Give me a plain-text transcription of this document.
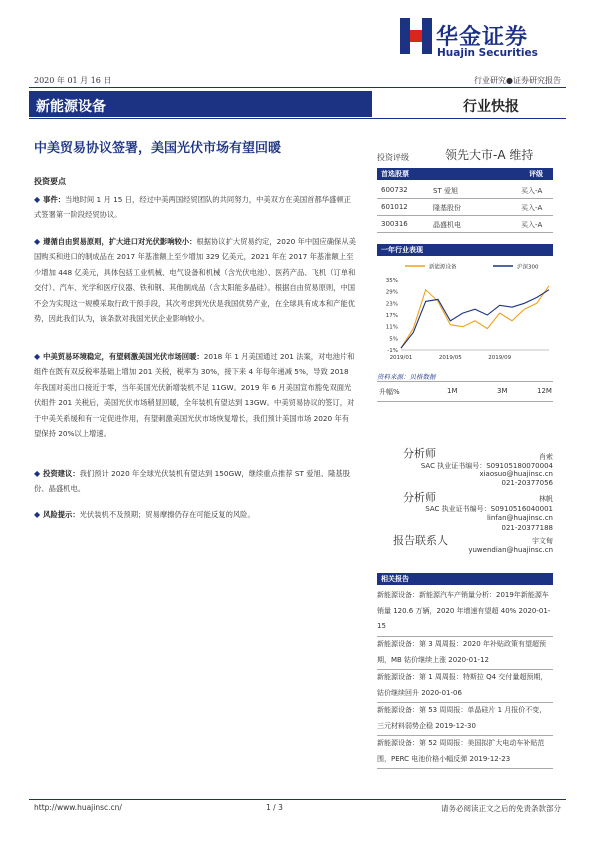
华金证券
Huajin Securities
2020 年 01 月 16 日	行业研究●证券研究报告
新能源设备	行业快报
中美贸易协议签署，美国光伏市场有望回暖
投资评级	领先大市-A 维持
投资要点
◆ 事件：当地时间 1 月 15 日，经过中美两国经贸团队的共同努力，中美双方在美国首都华盛顿正式签署第一阶段经贸协议。
◆ 遵循自由贸易原则，扩大进口对光伏影响较小：根据协议扩大贸易约定，2020 年中国应确保从美国购买和进口的制成品在 2017 年基准额上至少增加 329 亿美元，2021 年在 2017 年基准额上至少增加 448 亿美元，具体包括工业机械、电气设备和机械（含光伏电池）、医药产品、飞机（订单和交付）、汽车、光学和医疗仪器、铁和钢、其他制成品（含太阳能多晶硅）。根据自由贸易原则，中国不会为实现这一规模采取行政干预手段，其次考虑到光伏是我国优势产业，在全球具有成本和产能优势，因此我们认为，该条款对我国光伏企业影响较小。
◆ 中美贸易环境稳定，有望刺激美国光伏市场回暖：2018 年 1 月美国通过 201 法案，对电池片和组件在既有双反税率基础上增加 201 关税，税率为 30%，接下来 4 年每年递减 5%，导致 2018 年我国对美出口接近于零，当年美国光伏新增装机不足 11GW。2019 年 6 月美国宣布豁免双面光伏组件 201 关税后，美国光伏市场稍显回暖，全年装机有望达到 13GW。中美贸易协议的签订，对于中美关系缓和有一定促进作用，有望刺激美国光伏市场恢复增长，我们预计美国市场 2020 年有望保持 20%以上增速。
◆ 投资建议：我们预计 2020 年全球光伏装机有望达到 150GW，继续重点推荐 ST 爱旭、隆基股份、晶盛机电。
◆ 风险提示：光伏装机不及预期；贸易摩擦仍存在可能反复的风险。
首选股票	评级
600732	ST 爱旭	买入-A
601012	隆基股份	买入-A
300316	晶盛机电	买入-A
一年行业表现
新能源设备	沪深300
-1%
5%
11%
17%
23%
29%
35%
2019/01	2019/05	2019/09
资料来源：贝格数据
升幅%	1M	3M	12M
分析师	肖索
SAC 执业证书编号：S0910518007000​4
xiaosuo@huajinsc.cn
021-20377056
分析师	林帆
SAC 执业证书编号：S0910516040001
linfan@huajinsc.cn
021-20377188
报告联系人	宇文甸
yuwendian@huajinsc.cn
相关报告
新能源设备：新能源汽车产销量分析：2019年新能源车销量 120.6 万辆，2020 年增速有望超 40% 2020-01-15
新能源设备：第 3 周周报：2020 年补贴政策有望超预期，MB 钴价继续上涨 2020-01-12
新能源设备：第 1 周周报：特斯拉 Q4 交付量超预期，钴价继续回升 2020-01-06
新能源设备：第 53 周周报：单晶硅片 1 月报价不变，三元材料弱势企稳 2019-12-30
新能源设备：第 52 周周报：美国拟扩大电动车补贴范围，PERC 电池价格小幅反弹 2019-12-23
http://www.huajinsc.cn/	1 / 3	请务必阅读正文之后的免责条款部分
